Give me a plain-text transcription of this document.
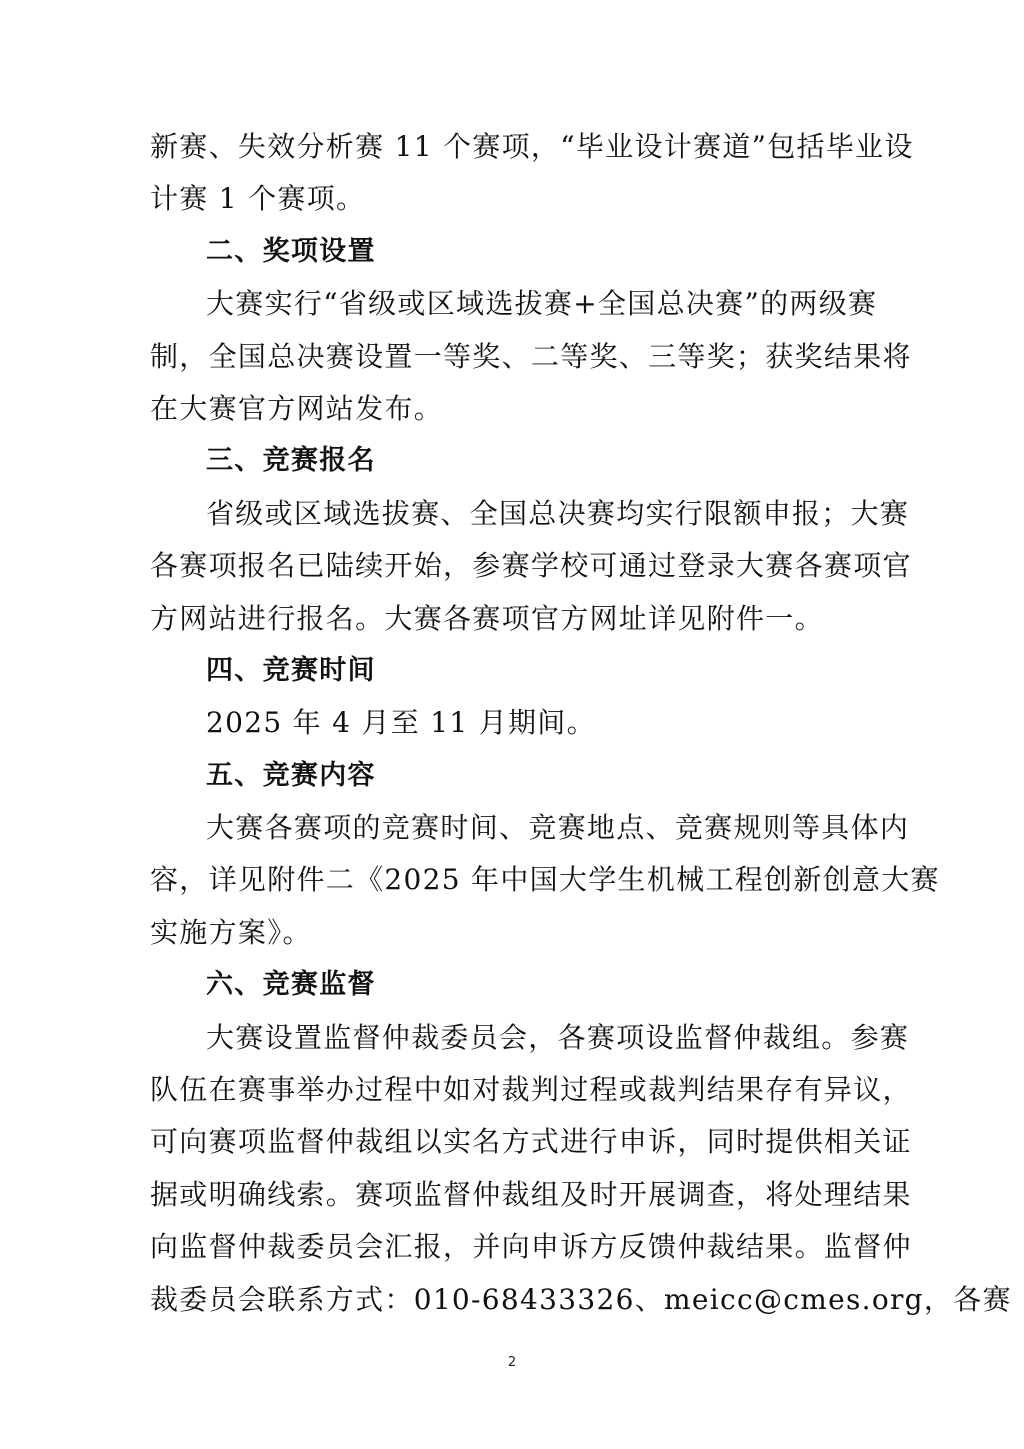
新赛、失效分析赛 11 个赛项，“毕业设计赛道”包括毕业设
计赛 1 个赛项。
二、奖项设置
大赛实行“省级或区域选拔赛+全国总决赛”的两级赛
制，全国总决赛设置一等奖、二等奖、三等奖；获奖结果将
在大赛官方网站发布。
三、竞赛报名
省级或区域选拔赛、全国总决赛均实行限额申报；大赛
各赛项报名已陆续开始，参赛学校可通过登录大赛各赛项官
方网站进行报名。大赛各赛项官方网址详见附件一。
四、竞赛时间
2025 年 4 月至 11 月期间。
五、竞赛内容
大赛各赛项的竞赛时间、竞赛地点、竞赛规则等具体内
容，详见附件二《2025 年中国大学生机械工程创新创意大赛
实施方案》。
六、竞赛监督
大赛设置监督仲裁委员会，各赛项设监督仲裁组。参赛
队伍在赛事举办过程中如对裁判过程或裁判结果存有异议，
可向赛项监督仲裁组以实名方式进行申诉，同时提供相关证
据或明确线索。赛项监督仲裁组及时开展调查，将处理结果
向监督仲裁委员会汇报，并向申诉方反馈仲裁结果。监督仲
裁委员会联系方式：010-68433326、meicc@cmes.org，各赛
2
